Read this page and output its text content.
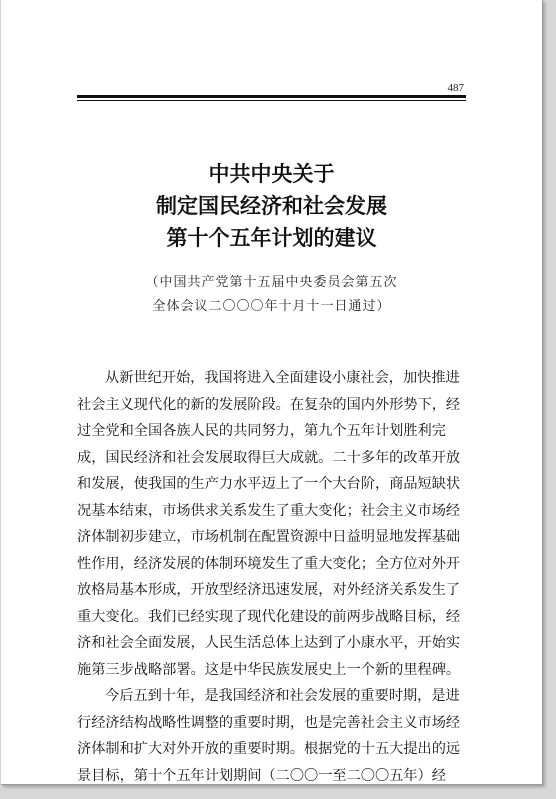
487
中共中央关于
制定国民经济和社会发展
第十个五年计划的建议
（中国共产党第十五届中央委员会第五次
全体会议二〇〇〇年十月十一日通过）
从新世纪开始，我国将进入全面建设小康社会，加快推进
社会主义现代化的新的发展阶段。在复杂的国内外形势下，经
过全党和全国各族人民的共同努力，第九个五年计划胜利完
成，国民经济和社会发展取得巨大成就。二十多年的改革开放
和发展，使我国的生产力水平迈上了一个大台阶，商品短缺状
况基本结束，市场供求关系发生了重大变化；社会主义市场经
济体制初步建立，市场机制在配置资源中日益明显地发挥基础
性作用，经济发展的体制环境发生了重大变化；全方位对外开
放格局基本形成，开放型经济迅速发展，对外经济关系发生了
重大变化。我们已经实现了现代化建设的前两步战略目标，经
济和社会全面发展，人民生活总体上达到了小康水平，开始实
施第三步战略部署。这是中华民族发展史上一个新的里程碑。
今后五到十年，是我国经济和社会发展的重要时期，是进
行经济结构战略性调整的重要时期，也是完善社会主义市场经
济体制和扩大对外开放的重要时期。根据党的十五大提出的远
景目标，第十个五年计划期间（二〇〇一至二〇〇五年）经
